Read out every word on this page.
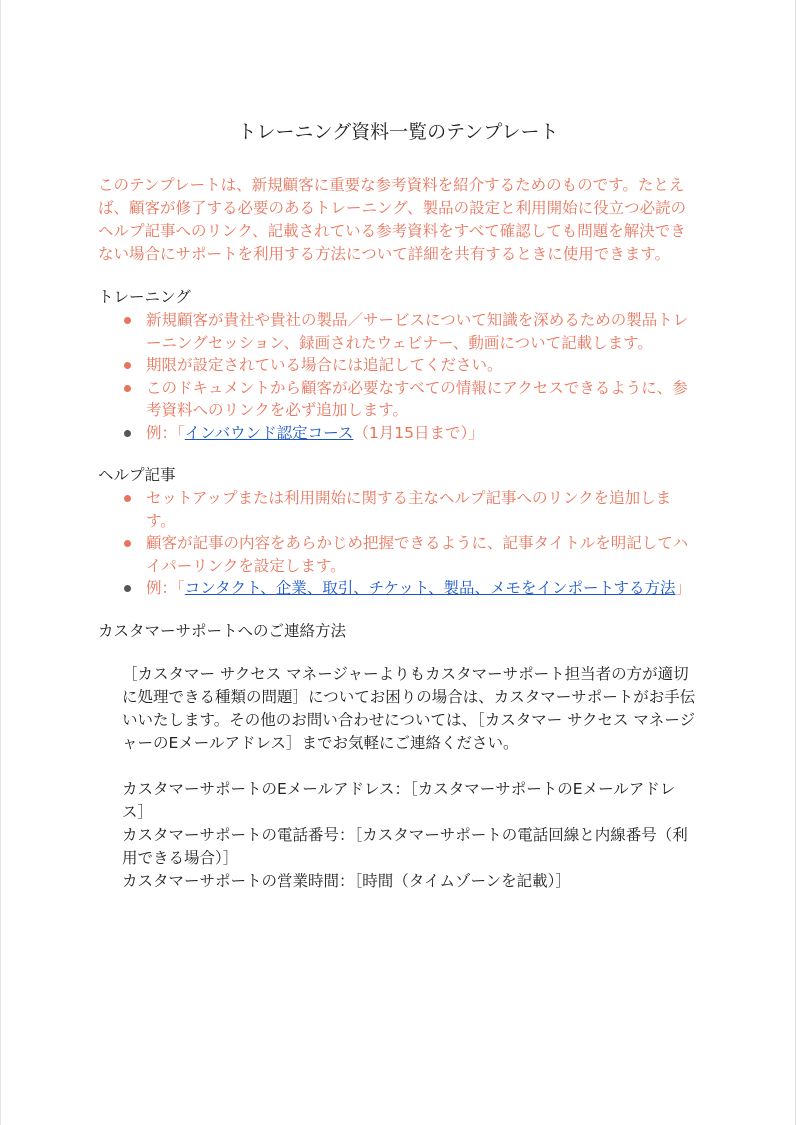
トレーニング資料一覧のテンプレート

このテンプレートは、新規顧客に重要な参考資料を紹介するためのものです。たとえば、顧客が修了する必要のあるトレーニング、製品の設定と利用開始に役立つ必読のヘルプ記事へのリンク、記載されている参考資料をすべて確認しても問題を解決できない場合にサポートを利用する方法について詳細を共有するときに使用できます。

トレーニング
新規顧客が貴社や貴社の製品／サービスについて知識を深めるための製品トレーニングセッション、録画されたウェビナー、動画について記載します。
期限が設定されている場合には追記してください。
このドキュメントから顧客が必要なすべての情報にアクセスできるように、参考資料へのリンクを必ず追加します。
例：「インバウンド認定コース（1月15日まで）」
ヘルプ記事
セットアップまたは利用開始に関する主なヘルプ記事へのリンクを追加します。
顧客が記事の内容をあらかじめ把握できるように、記事タイトルを明記してハイパーリンクを設定します。
例：「コンタクト、企業、取引、チケット、製品、メモをインポートする方法」
カスタマーサポートへのご連絡方法

［カスタマー サクセス マネージャーよりもカスタマーサポート担当者の方が適切に処理できる種類の問題］についてお困りの場合は、カスタマーサポートがお手伝いいたします。その他のお問い合わせについては、［カスタマー サクセス マネージャーのEメールアドレス］までお気軽にご連絡ください。

カスタマーサポートのEメールアドレス：［カスタマーサポートのEメールアドレス］

カスタマーサポートの電話番号：［カスタマーサポートの電話回線と内線番号（利用できる場合）］

カスタマーサポートの営業時間：［時間（タイムゾーンを記載）］
